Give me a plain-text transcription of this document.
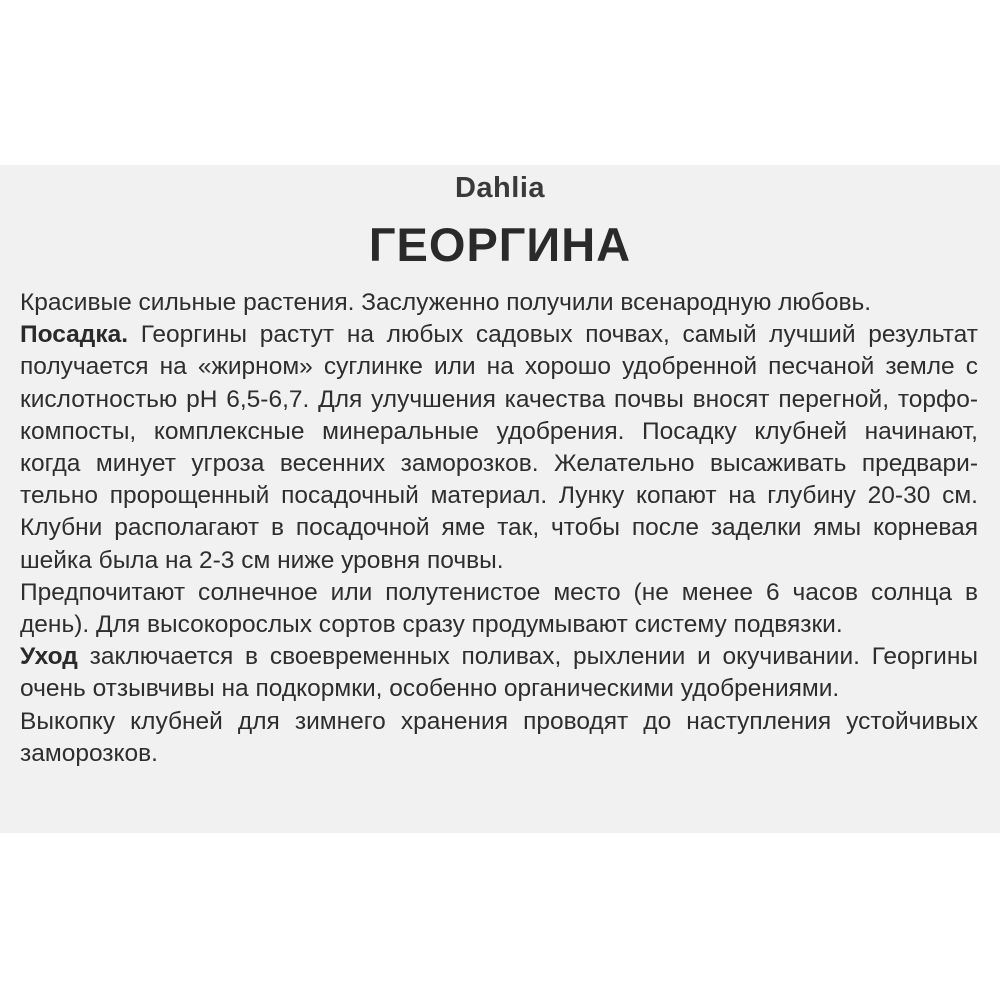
Dahlia
ГЕОРГИНА
Красивые сильные растения. Заслуженно получили всенародную любовь.
Посадка. Георгины растут на любых садовых почвах, самый лучший результат
получается на «жирном» суглинке или на хорошо удобренной песчаной земле с
кислотностью pH 6,5-6,7. Для улучшения качества почвы вносят перегной, торфо-
компосты, комплексные минеральные удобрения. Посадку клубней начинают,
когда минует угроза весенних заморозков. Желательно высаживать предвари-
тельно пророщенный посадочный материал. Лунку копают на глубину 20-30 см.
Клубни располагают в посадочной яме так, чтобы после заделки ямы корневая
шейка была на 2-3 см ниже уровня почвы.
Предпочитают солнечное или полутенистое место (не менее 6 часов солнца в
день). Для высокорослых сортов сразу продумывают систему подвязки.
Уход заключается в своевременных поливах, рыхлении и окучивании. Георгины
очень отзывчивы на подкормки, особенно органическими удобрениями.
Выкопку клубней для зимнего хранения проводят до наступления устойчивых
заморозков.
